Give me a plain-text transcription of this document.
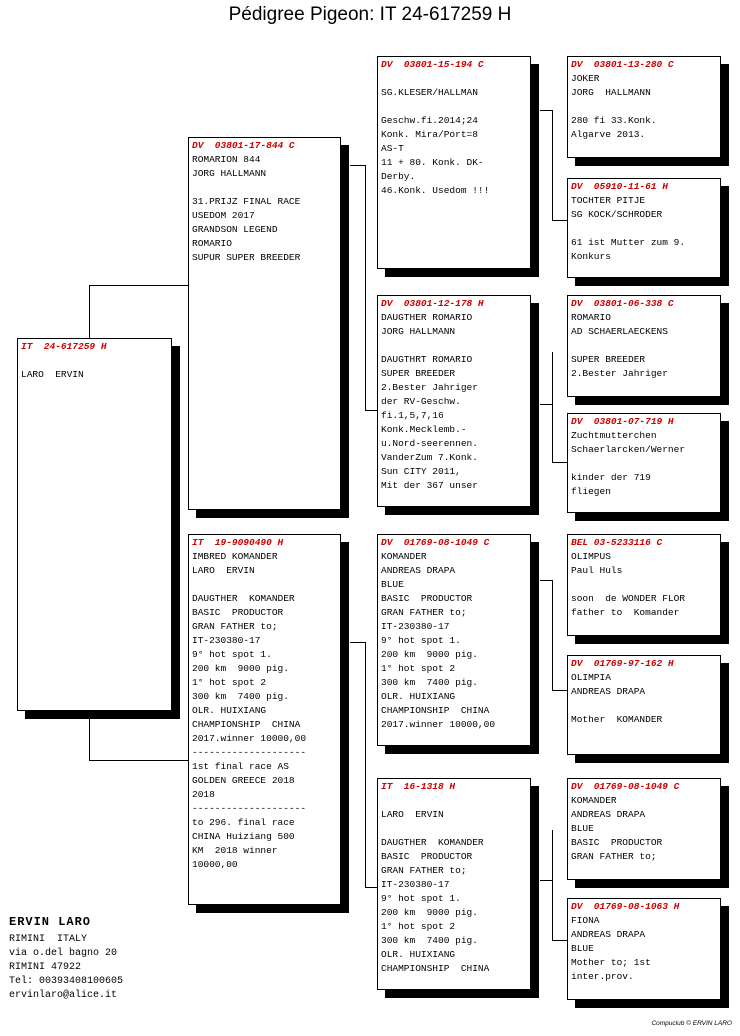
Pédigree Pigeon: IT 24-617259 H
IT  24-617259 H

LARO  ERVIN
DV  03801-17-844 C
ROMARION 844
JORG HALLMANN

31.PRIJZ FINAL RACE
USEDOM 2017
GRANDSON LEGEND
ROMARIO
SUPUR SUPER BREEDER
IT  19-9090490 H
IMBRED KOMANDER
LARO  ERVIN

DAUGTHER  KOMANDER
BASIC  PRODUCTOR
GRAN FATHER to;
IT-230380-17
9° hot spot 1.
200 km  9000 pig.
1° hot spot 2
300 km  7400 pig.
OLR. HUIXIANG
CHAMPIONSHIP  CHINA
2017.winner 10000,00
--------------------
1st final race AS
GOLDEN GREECE 2018
2018
--------------------
to 296. final race
CHINA Huiziang 500
KM  2018 winner
10000,00
DV  03801-15-194 C

SG.KLESER/HALLMAN

Geschw.fi.2014;24
Konk. Mira/Port=8
AS-T
11 + 80. Konk. DK-
Derby.
46.Konk. Usedom !!!
DV  03801-12-178 H
DAUGTHER ROMARIO
JORG HALLMANN

DAUGTHRT ROMARIO
SUPER BREEDER
2.Bester Jahriger
der RV-Geschw.
fi.1,5,7,16
Konk.Mecklemb.-
u.Nord-seerennen.
VanderZum 7.Konk.
Sun CITY 2011,
Mit der 367 unser
DV  01769-08-1049 C
KOMANDER
ANDREAS DRAPA
BLUE
BASIC  PRODUCTOR
GRAN FATHER to;
IT-230380-17
9° hot spot 1.
200 km  9000 pig.
1° hot spot 2
300 km  7400 pig.
OLR. HUIXIANG
CHAMPIONSHIP  CHINA
2017.winner 10000,00
IT  16-1318 H

LARO  ERVIN

DAUGTHER  KOMANDER
BASIC  PRODUCTOR
GRAN FATHER to;
IT-230380-17
9° hot spot 1.
200 km  9000 pig.
1° hot spot 2
300 km  7400 pig.
OLR. HUIXIANG
CHAMPIONSHIP  CHINA
DV  03801-13-280 C
JOKER
JORG  HALLMANN

280 fi 33.Konk.
Algarve 2013.
DV  05910-11-61 H
TOCHTER PITJE
SG KOCK/SCHRODER

61 ist Mutter zum 9.
Konkurs
DV  03801-06-338 C
ROMARIO
AD SCHAERLAECKENS

SUPER BREEDER
2.Bester Jahriger
DV  03801-07-719 H
Zuchtmutterchen
Schaerlarcken/Werner

kinder der 719
fliegen
BEL 03-5233116 C
OLIMPUS
Paul Huls

soon  de WONDER FLOR
father to  Komander
DV  01769-97-162 H
OLIMPIA
ANDREAS DRAPA

Mother  KOMANDER
DV  01769-08-1049 C
KOMANDER
ANDREAS DRAPA
BLUE
BASIC  PRODUCTOR
GRAN FATHER to;
DV  01769-08-1063 H
FIONA
ANDREAS DRAPA
BLUE
Mother to; 1st
inter.prov.
ERVIN LARO
RIMINI  ITALY
via o.del bagno 20
RIMINI 47922
Tel: 00393408100605
ervinlaro@alice.it
Compuclub © ERVIN LARO
